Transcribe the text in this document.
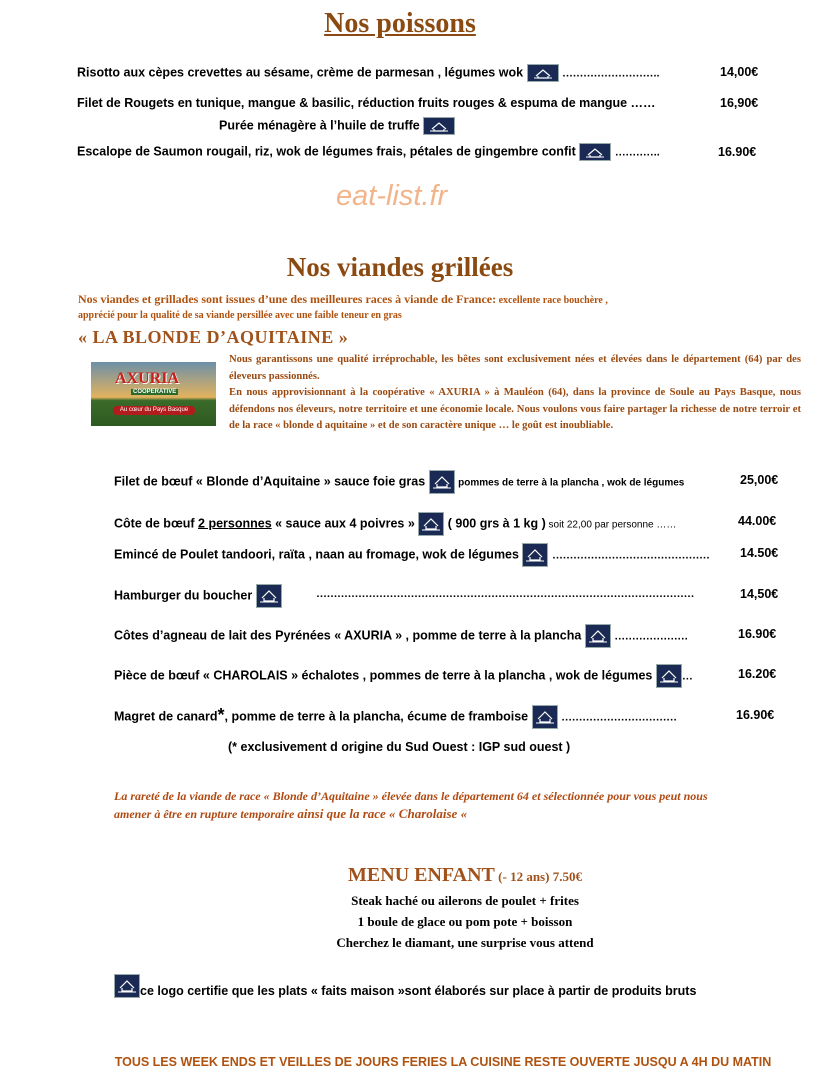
Nos poissons
Risotto aux cèpes crevettes au sésame, crème de parmesan , légumes wok	……………………….	14,00€
Filet de Rougets en tunique, mangue & basilic, réduction fruits rouges & espuma de mangue ……	16,90€
Purée ménagère à l’huile de truffe
Escalope de Saumon rougail, riz, wok de légumes frais, pétales de gingembre confit	………….	16.90€
eat-list.fr
Nos viandes grillées
Nos viandes et grillades sont issues d’une des meilleures races à viande de France: excellente race bouchère ,
apprécié pour la qualité de sa viande persillée avec une faible teneur en gras
« LA BLONDE D’AQUITAINE »
AXURIA
COOPERATIVE
Au cœur du Pays Basque
Nous garantissons une qualité irréprochable, les bêtes sont exclusivement nées et élevées dans le département (64) par des éleveurs passionnés.
En nous approvisionnant à la coopérative « AXURIA » à Mauléon (64), dans la province de Soule au Pays Basque, nous défendons nos éleveurs, notre territoire et une économie locale. Nous voulons vous faire partager la richesse de notre terroir et de la race « blonde d aquitaine » et de son caractère unique … le goût est inoubliable.
Filet de bœuf « Blonde d’Aquitaine » sauce foie gras	pommes de terre à la plancha , wok de légumes	25,00€
Côte de bœuf 2 personnes « sauce aux 4 poivres »	( 900 grs à 1 kg ) soit 22,00 par personne ……	44.00€
Emincé de Poulet tandoori, raïta , naan au fromage, wok de légumes	……………………………………… 14.50€
Hamburger du boucher	………………………………………………………………………………………………	14,50€
Côtes d’agneau de lait des Pyrénées « AXURIA » , pomme de terre à la plancha	…………………	16.90€
Pièce de bœuf « CHAROLAIS » échalotes , pommes de terre à la plancha , wok de légumes	…	16.20€
Magret de canard*, pomme de terre à la plancha, écume de framboise	……………………………	16.90€
(* exclusivement d origine du Sud Ouest : IGP sud ouest )
La rareté de la viande de race « Blonde d’Aquitaine » élevée dans le département 64 et sélectionnée pour vous peut nous
amener à être en rupture temporaire ainsi que la race « Charolaise «
MENU ENFANT (- 12 ans) 7.50€
Steak haché ou ailerons de poulet + frites
1 boule de glace ou pom pote + boisson
Cherchez le diamant, une surprise vous attend
ce logo certifie que les plats « faits maison »sont élaborés sur place à partir de produits bruts
TOUS LES WEEK ENDS ET VEILLES DE JOURS FERIES LA CUISINE RESTE OUVERTE JUSQU A 4H DU MATIN
